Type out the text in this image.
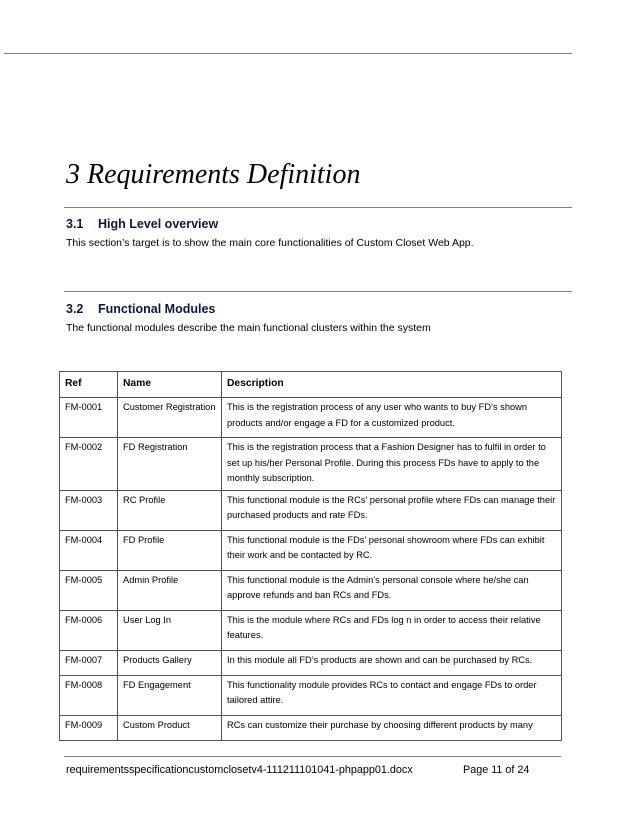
3 Requirements Definition
3.1 High Level overview

This section’s target is to show the main core functionalities of Custom Closet Web App.

3.2 Functional Modules

The functional modules describe the main functional clusters within the system

Ref	Name	Description
FM-0001	Customer Registration	This is the registration process of any user who wants to buy FD’s shown products and/or engage a FD for a customized product.
FM-0002	FD Registration	This is the registration process that a Fashion Designer has to fulfil in order to set up his/her Personal Profile. During this process FDs have to apply to the monthly subscription.
FM-0003	RC Profile	This functional module is the RCs’ personal profile where FDs can manage their purchased products and rate FDs.
FM-0004	FD Profile	This functional module is the FDs’ personal showroom where FDs can exhibit their work and be contacted by RC.
FM-0005	Admin Profile	This functional module is the Admin’s personal console where he/she can approve refunds and ban RCs and FDs.
FM-0006	User Log In	This is the module where RCs and FDs log n in order to access their relative features.
FM-0007	Products Gallery	In this module all FD’s products are shown and can be purchased by RCs.
FM-0008	FD Engagement	This functionality module provides RCs to contact and engage FDs to order tailored attire.
FM-0009	Custom Product	RCs can customize their purchase by choosing different products by many
requirementsspecificationcustomclosetv4-111211101041-phpapp01.docx	Page 11 of 24
